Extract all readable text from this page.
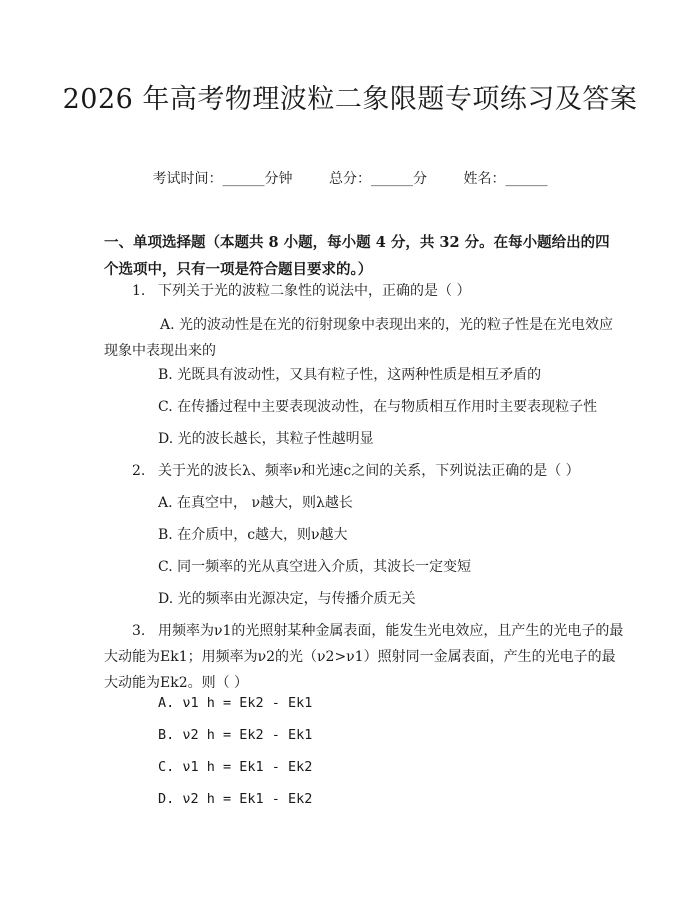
2026 年高考物理波粒二象限题专项练习及答案
考试时间：______分钟	总分：______分	姓名：______
一、单项选择题（本题共 8 小题，每小题 4 分，共 32 分。在每小题给出的四个选项中，只有一项是符合题目要求的。）
1. 下列关于光的波粒二象性的说法中，正确的是（ ）
A. 光的波动性是在光的衍射现象中表现出来的，光的粒子性是在光电效应现象中表现出来的
B. 光既具有波动性，又具有粒子性，这两种性质是相互矛盾的
C. 在传播过程中主要表现波动性，在与物质相互作用时主要表现粒子性
D. 光的波长越长，其粒子性越明显
2. 关于光的波长λ、频率ν和光速c之间的关系，下列说法正确的是（ ）
A. 在真空中， ν越大，则λ越长
B. 在介质中，c越大，则ν越大
C. 同一频率的光从真空进入介质，其波长一定变短
D. 光的频率由光源决定，与传播介质无关
3. 用频率为ν1的光照射某种金属表面，能发生光电效应，且产生的光电子的最大动能为Ek1；用频率为ν2的光（ν2>ν1）照射同一金属表面，产生的光电子的最大动能为Ek2。则（ ）
A. ν1 h = Ek2 - Ek1
B. ν2 h = Ek2 - Ek1
C. ν1 h = Ek1 - Ek2
D. ν2 h = Ek1 - Ek2
